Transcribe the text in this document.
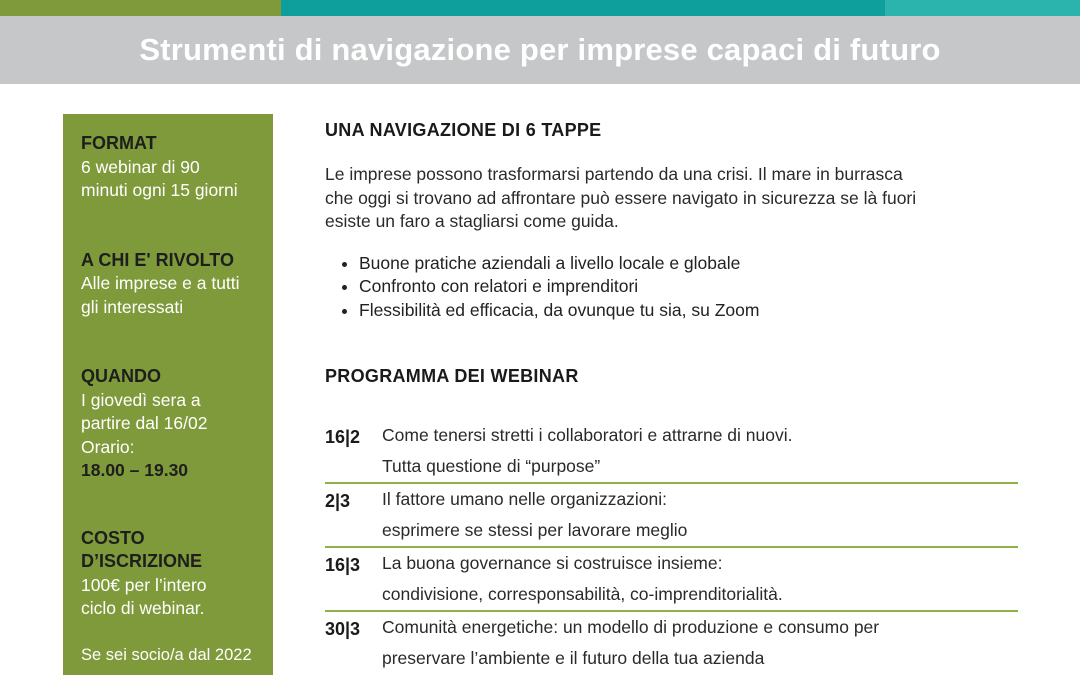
Strumenti di navigazione per imprese capaci di futuro
FORMAT
6 webinar di 90
minuti ogni 15 giorni
A CHI E' RIVOLTO
Alle imprese e a tutti
gli interessati
QUANDO
I giovedì sera a
partire dal 16/02
Orario:
18.00 – 19.30
COSTO
D’ISCRIZIONE
100€ per l’intero
ciclo di webinar.
Se sei socio/a dal 2022
UNA NAVIGAZIONE DI 6 TAPPE
Le imprese possono trasformarsi partendo da una crisi. Il mare in burrasca
che oggi si trovano ad affrontare può essere navigato in sicurezza se là fuori
esiste un faro a stagliarsi come guida.
• Buone pratiche aziendali a livello locale e globale
• Confronto con relatori e imprenditori
• Flessibilità ed efficacia, da ovunque tu sia, su Zoom
PROGRAMMA DEI WEBINAR
16|2	Come tenersi stretti i collaboratori e attrarne di nuovi.
Tutta questione di “purpose”
2|3	Il fattore umano nelle organizzazioni:
esprimere se stessi per lavorare meglio
16|3	La buona governance si costruisce insieme:
condivisione, corresponsabilità, co-imprenditorialità.
30|3	Comunità energetiche: un modello di produzione e consumo per
preservare l’ambiente e il futuro della tua azienda
